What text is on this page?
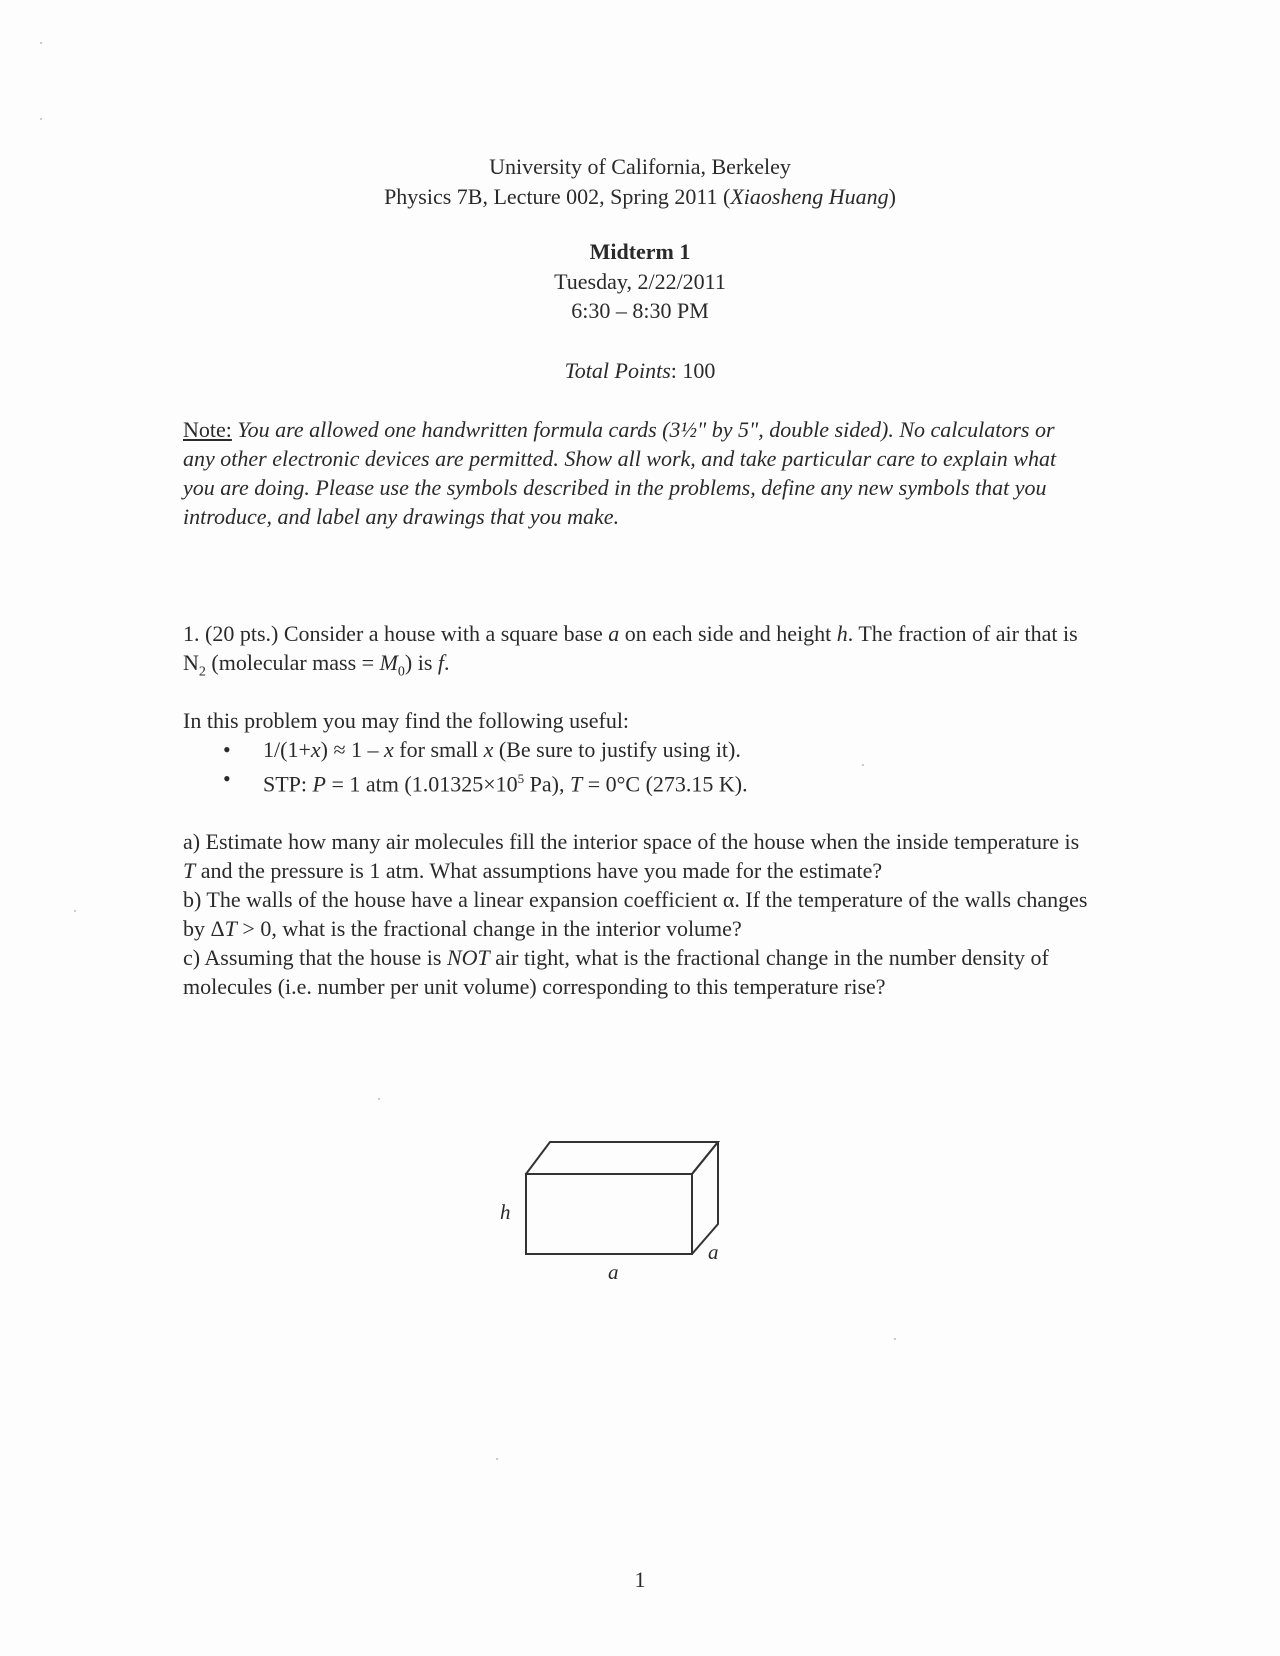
University of California, Berkeley
Physics 7B, Lecture 002, Spring 2011 (Xiaosheng Huang)
Midterm 1
Tuesday, 2/22/2011
6:30 – 8:30 PM
Total Points: 100
Note: You are allowed one handwritten formula cards (3½" by 5", double sided). No calculators or any other electronic devices are permitted. Show all work, and take particular care to explain what you are doing. Please use the symbols described in the problems, define any new symbols that you introduce, and label any drawings that you make.
1. (20 pts.) Consider a house with a square base a on each side and height h. The fraction of air that is $N_2$ (molecular mass = $M_0$) is f.
In this problem you may find the following useful:
• 1/(1+x) ≈ 1 – x for small x (Be sure to justify using it).
• STP: P = 1 atm ($1.01325\times 10^5$ Pa), T = 0°C (273.15 K).
a) Estimate how many air molecules fill the interior space of the house when the inside temperature is T and the pressure is 1 atm. What assumptions have you made for the estimate?
b) The walls of the house have a linear expansion coefficient α. If the temperature of the walls changes by ΔT > 0, what is the fractional change in the interior volume?
c) Assuming that the house is NOT air tight, what is the fractional change in the number density of molecules (i.e. number per unit volume) corresponding to this temperature rise?
h
a
a
1
